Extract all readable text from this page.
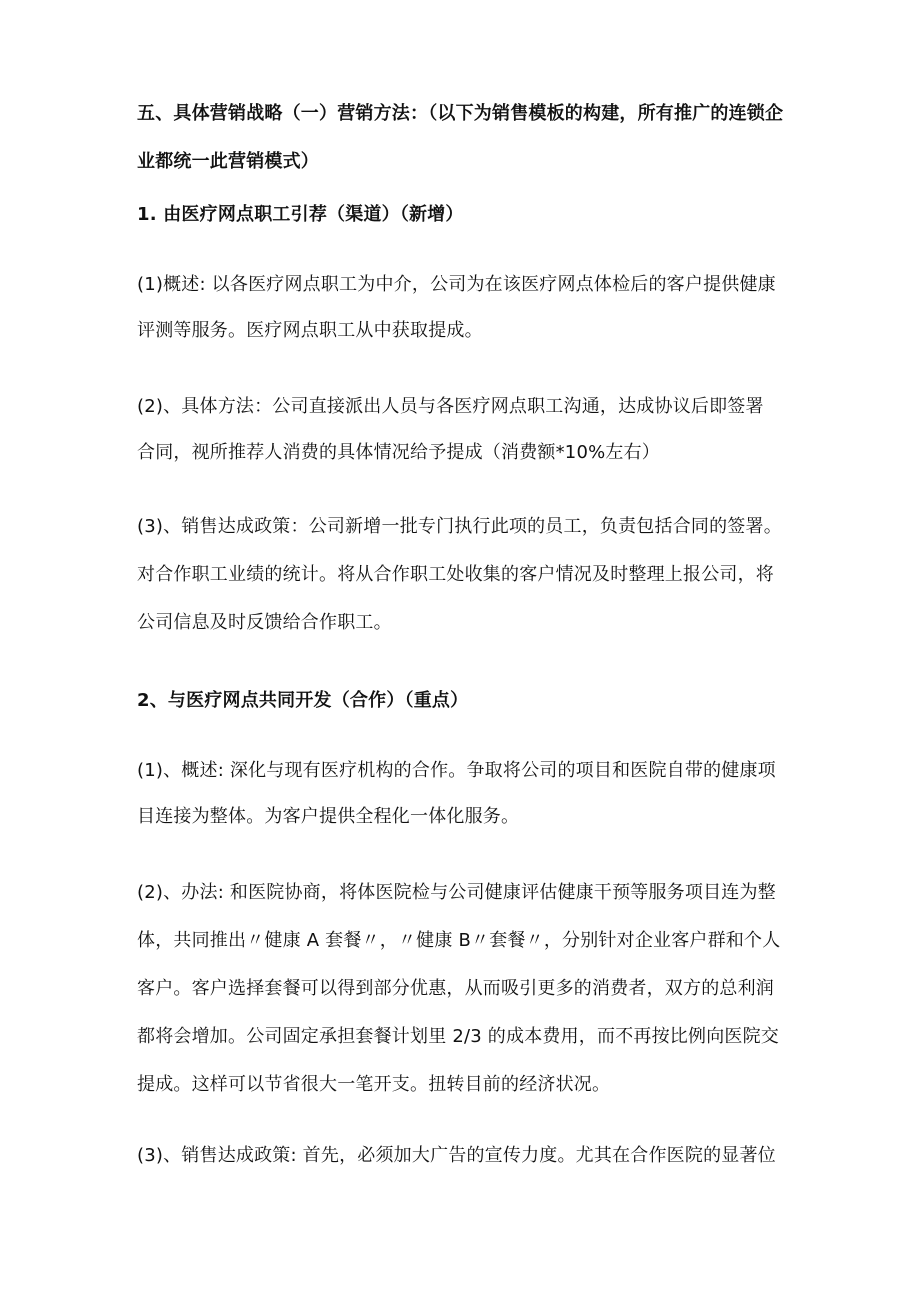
五、具体营销战略（一）营销方法：（以下为销售模板的构建，所有推广的连锁企
业都统一此营销模式）
1. 由医疗网点职工引荐（渠道）（新增）
(1)概述: 以各医疗网点职工为中介，公司为在该医疗网点体检后的客户提供健康
评测等服务。医疗网点职工从中获取提成。
(2)、具体方法：公司直接派出人员与各医疗网点职工沟通，达成协议后即签署
合同，视所推荐人消费的具体情况给予提成（消费额*10%左右）
(3)、销售达成政策：公司新增一批专门执行此项的员工，负责包括合同的签署。
对合作职工业绩的统计。将从合作职工处收集的客户情况及时整理上报公司，将
公司信息及时反馈给合作职工。
2、与医疗网点共同开发（合作）（重点）
(1)、概述: 深化与现有医疗机构的合作。争取将公司的项目和医院自带的健康项
目连接为整体。为客户提供全程化一体化服务。
(2)、办法: 和医院协商，将体医院检与公司健康评估健康干预等服务项目连为整
体，共同推出〃健康 A 套餐〃，〃健康 B〃套餐〃，分别针对企业客户群和个人
客户。客户选择套餐可以得到部分优惠，从而吸引更多的消费者，双方的总利润
都将会增加。公司固定承担套餐计划里 2/3 的成本费用，而不再按比例向医院交
提成。这样可以节省很大一笔开支。扭转目前的经济状况。
(3)、销售达成政策: 首先，必须加大广告的宣传力度。尤其在合作医院的显著位
